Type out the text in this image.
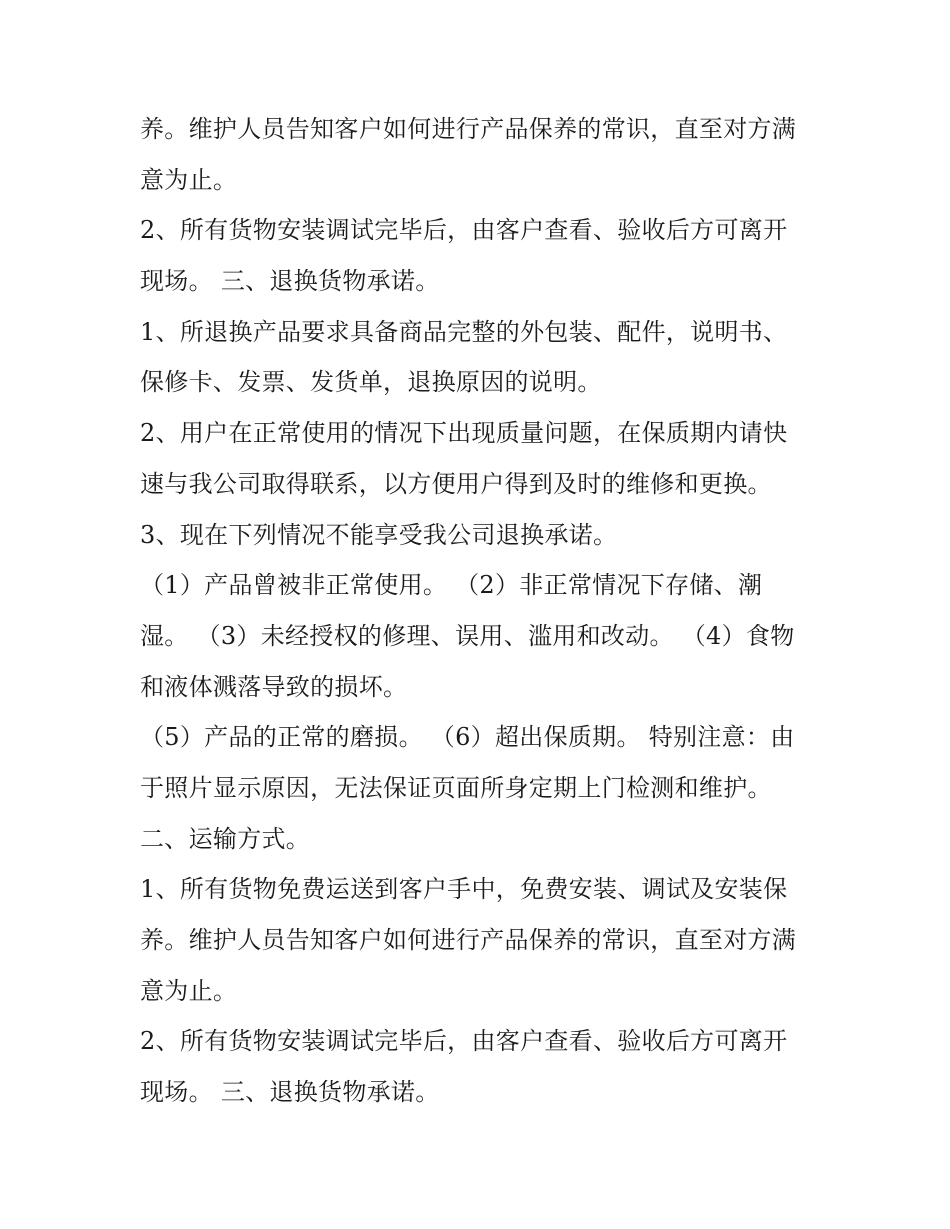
养。维护人员告知客户如何进行产品保养的常识，直至对方满
意为止。
2、所有货物安装调试完毕后，由客户查看、验收后方可离开
现场。 三、退换货物承诺。
1、所退换产品要求具备商品完整的外包装、配件，说明书、
保修卡、发票、发货单，退换原因的说明。
2、用户在正常使用的情况下出现质量问题，在保质期内请快
速与我公司取得联系，以方便用户得到及时的维修和更换。
3、现在下列情况不能享受我公司退换承诺。
（1）产品曾被非正常使用。 （2）非正常情况下存储、潮
湿。 （3）未经授权的修理、误用、滥用和改动。 （4）食物
和液体溅落导致的损坏。
（5）产品的正常的磨损。 （6）超出保质期。 特别注意：由
于照片显示原因，无法保证页面所身定期上门检测和维护。
二、运输方式。
1、所有货物免费运送到客户手中，免费安装、调试及安装保
养。维护人员告知客户如何进行产品保养的常识，直至对方满
意为止。
2、所有货物安装调试完毕后，由客户查看、验收后方可离开
现场。 三、退换货物承诺。
